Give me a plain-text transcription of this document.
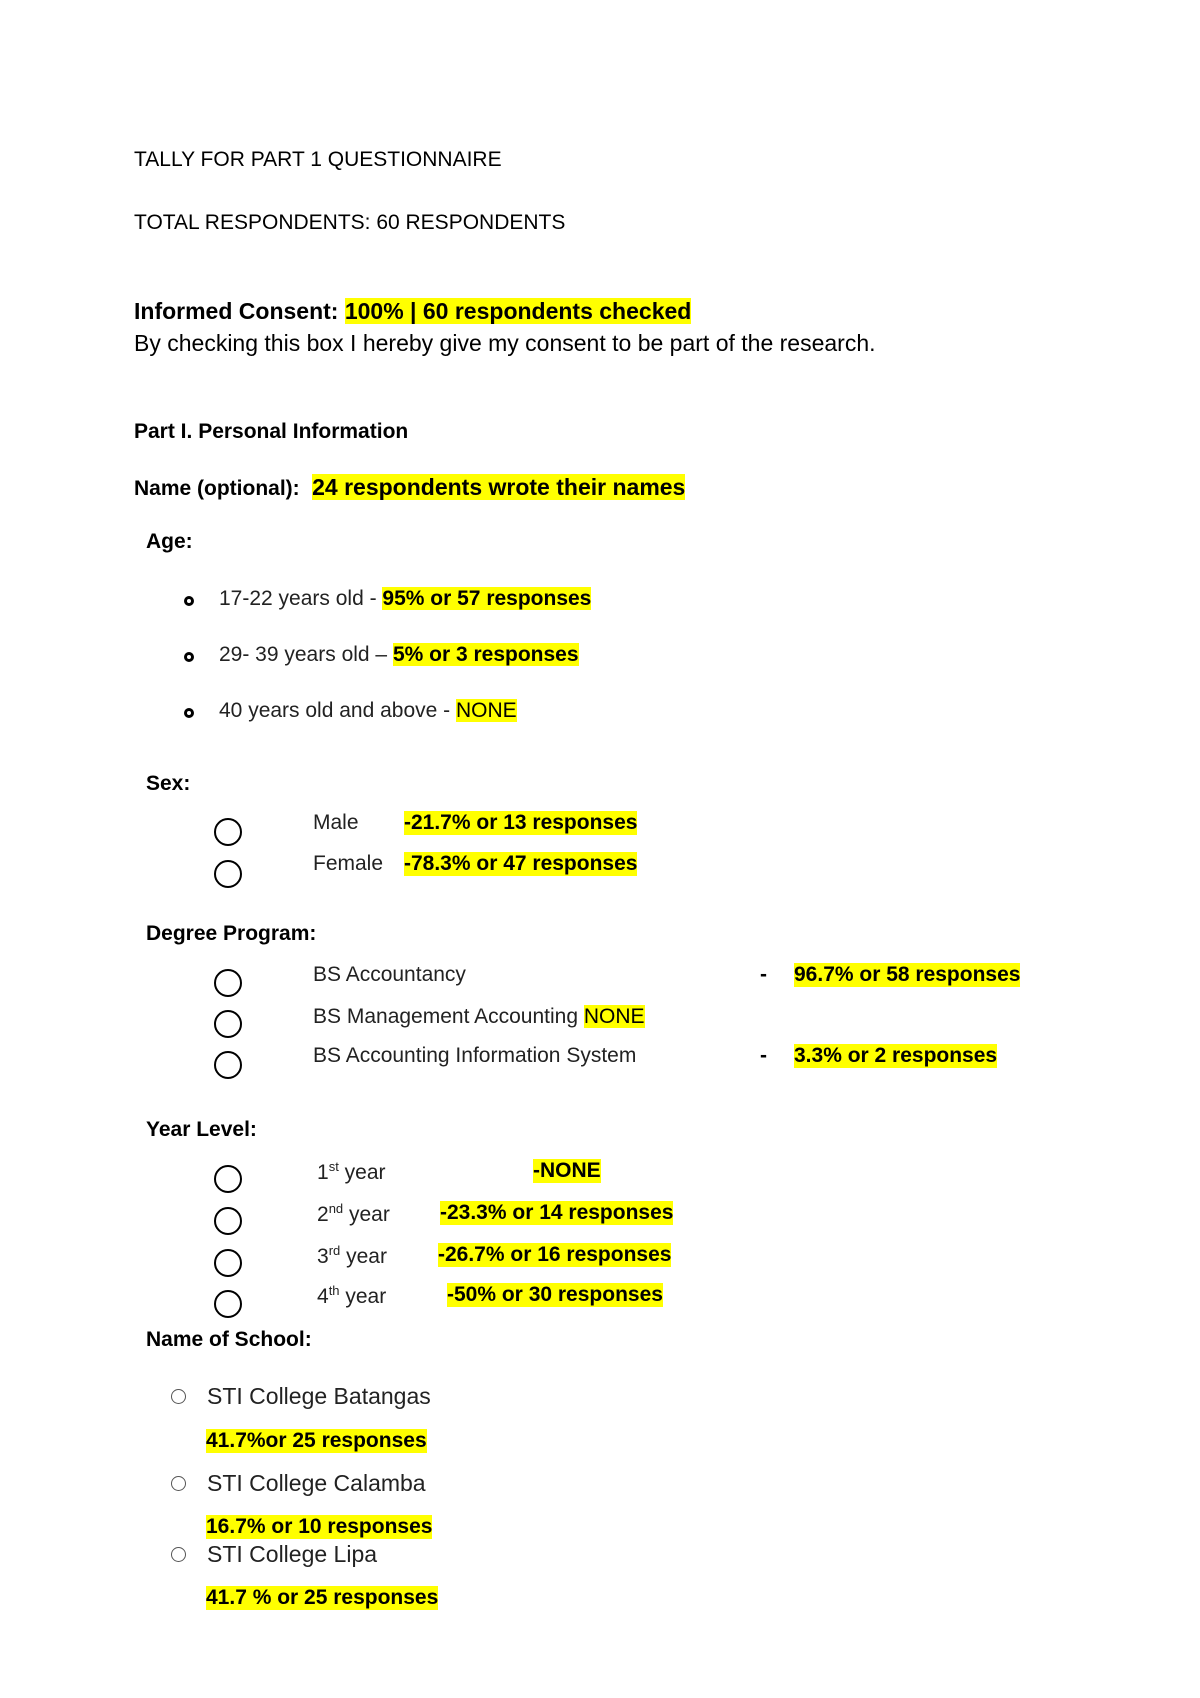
TALLY FOR PART 1 QUESTIONNAIRE
TOTAL RESPONDENTS: 60 RESPONDENTS
Informed Consent: 100% | 60 respondents checked
By checking this box I hereby give my consent to be part of the research.
Part I. Personal Information
Name (optional): 24 respondents wrote their names
Age:
17-22 years old - 95% or 57 responses
29- 39 years old – 5% or 3 responses
40 years old and above - NONE
Sex:
Male -21.7% or 13 responses
Female -78.3% or 47 responses
Degree Program:
BS Accountancy	- 96.7% or 58 responses
BS Management Accounting NONE
BS Accounting Information System	- 3.3% or 2 responses
Year Level:
1st year	-NONE
2nd year -23.3% or 14 responses
3rd year -26.7% or 16 responses
4th year	-50% or 30 responses
Name of School:
STI College Batangas
41.7%or 25 responses
STI College Calamba
16.7% or 10 responses
STI College Lipa
41.7 % or 25 responses
